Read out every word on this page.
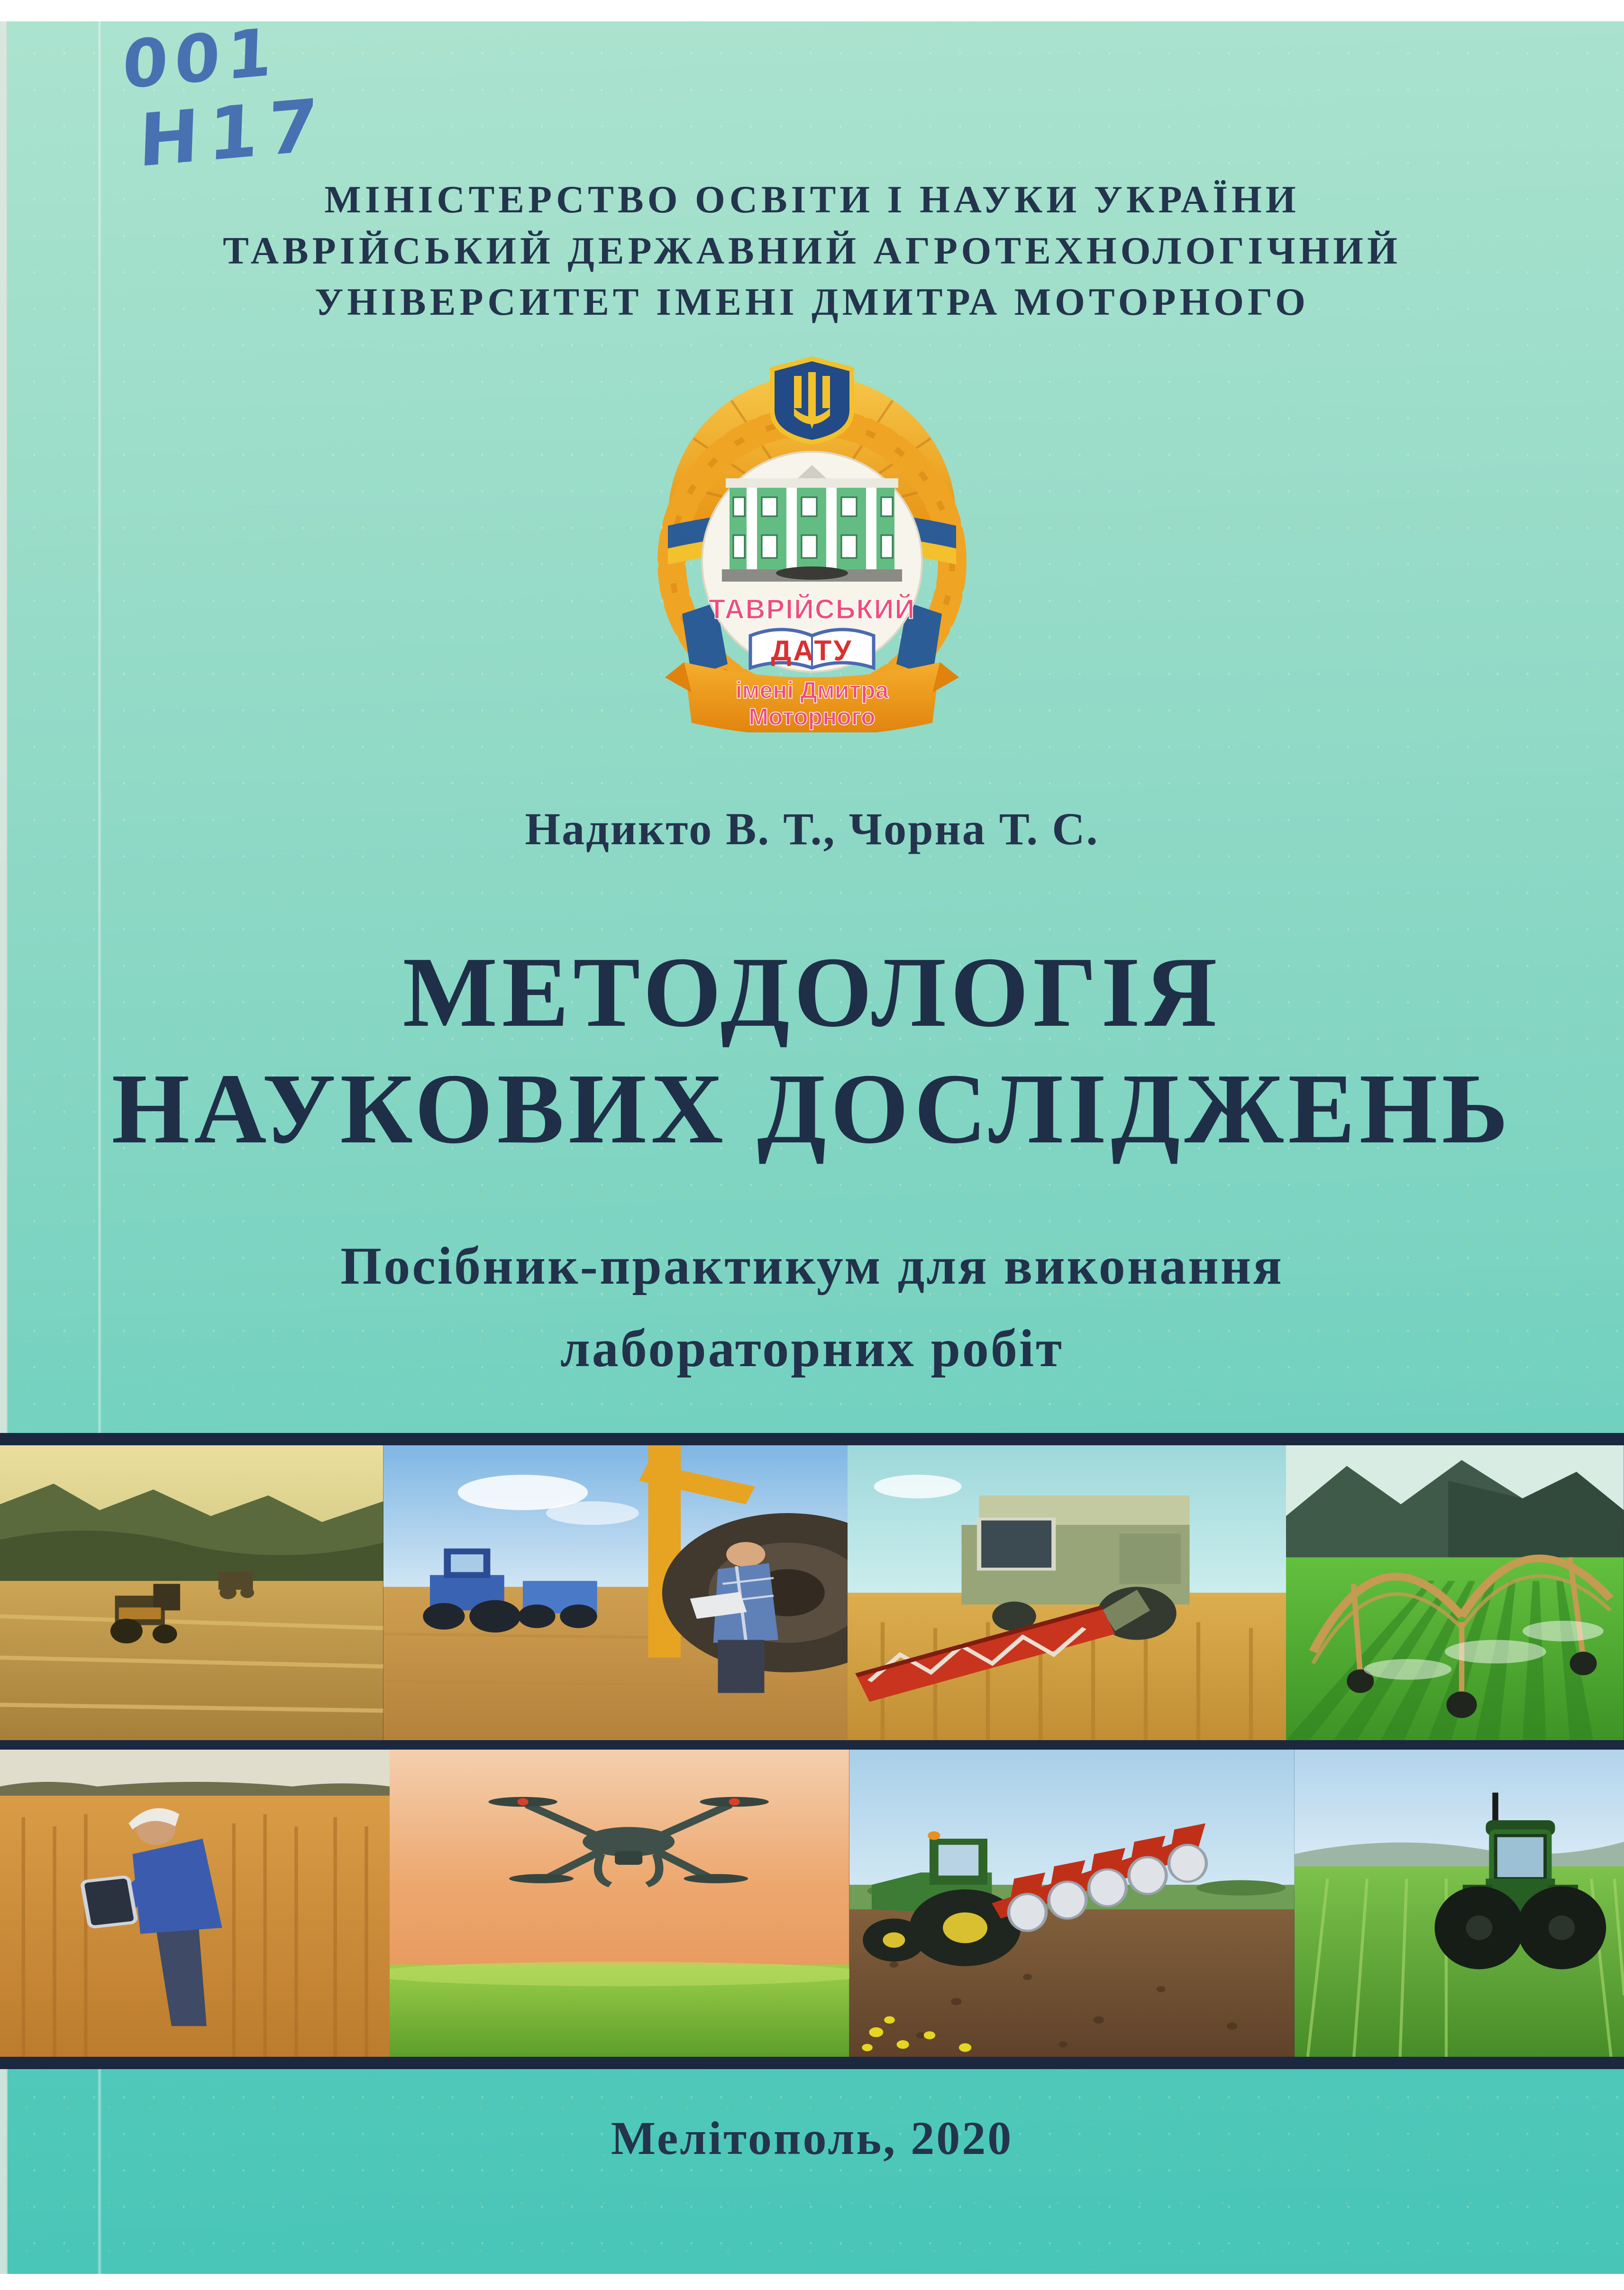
001
Н17
МІНІСТЕРСТВО ОСВІТИ І НАУКИ УКРАЇНИ
ТАВРІЙСЬКИЙ ДЕРЖАВНИЙ АГРОТЕХНОЛОГІЧНИЙ
УНІВЕРСИТЕТ ІМЕНІ ДМИТРА МОТОРНОГО
ТАВРІЙСЬКИЙ
ДАТУ
імені Дмитра
Моторного
Надикто В. Т., Чорна Т. С.
МЕТОДОЛОГІЯ
НАУКОВИХ ДОСЛІДЖЕНЬ
Посібник-практикум для виконання
лабораторних робіт
Мелітополь, 2020
